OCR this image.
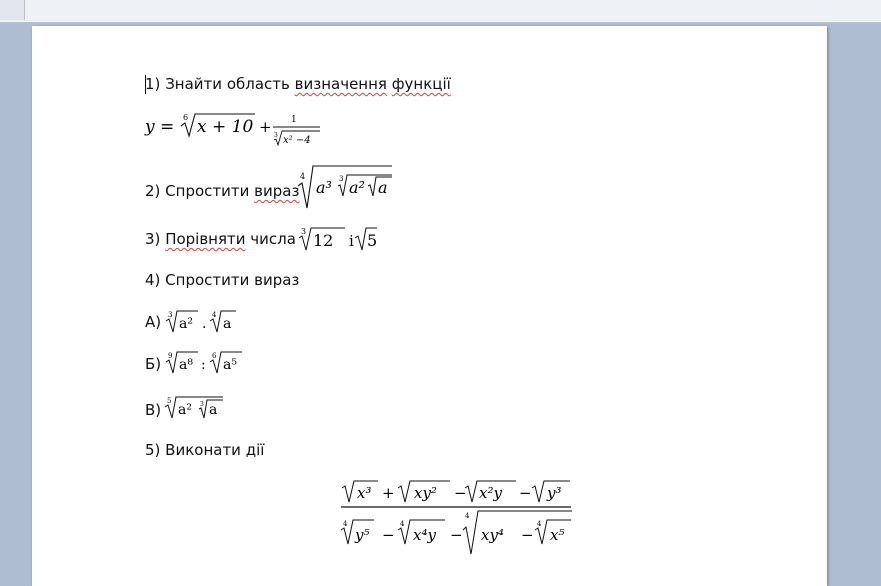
1) Знайти область визначення функції
y = 6 x + 10 + 1
3 x² −4
2) Спростити вираз
4
a³ 3 a² a
3) Порівняти числа 3 12 і 5
4) Спростити вираз
А) 3
a² .
4
a
Б) 9
a⁸ :
6
a⁵
В) 5
a² 3 a
5) Виконати дії
x³ + xy² − x²y − y³
4
y⁵ −
4
x⁴y −
4
xy⁴ −
4
x⁵
